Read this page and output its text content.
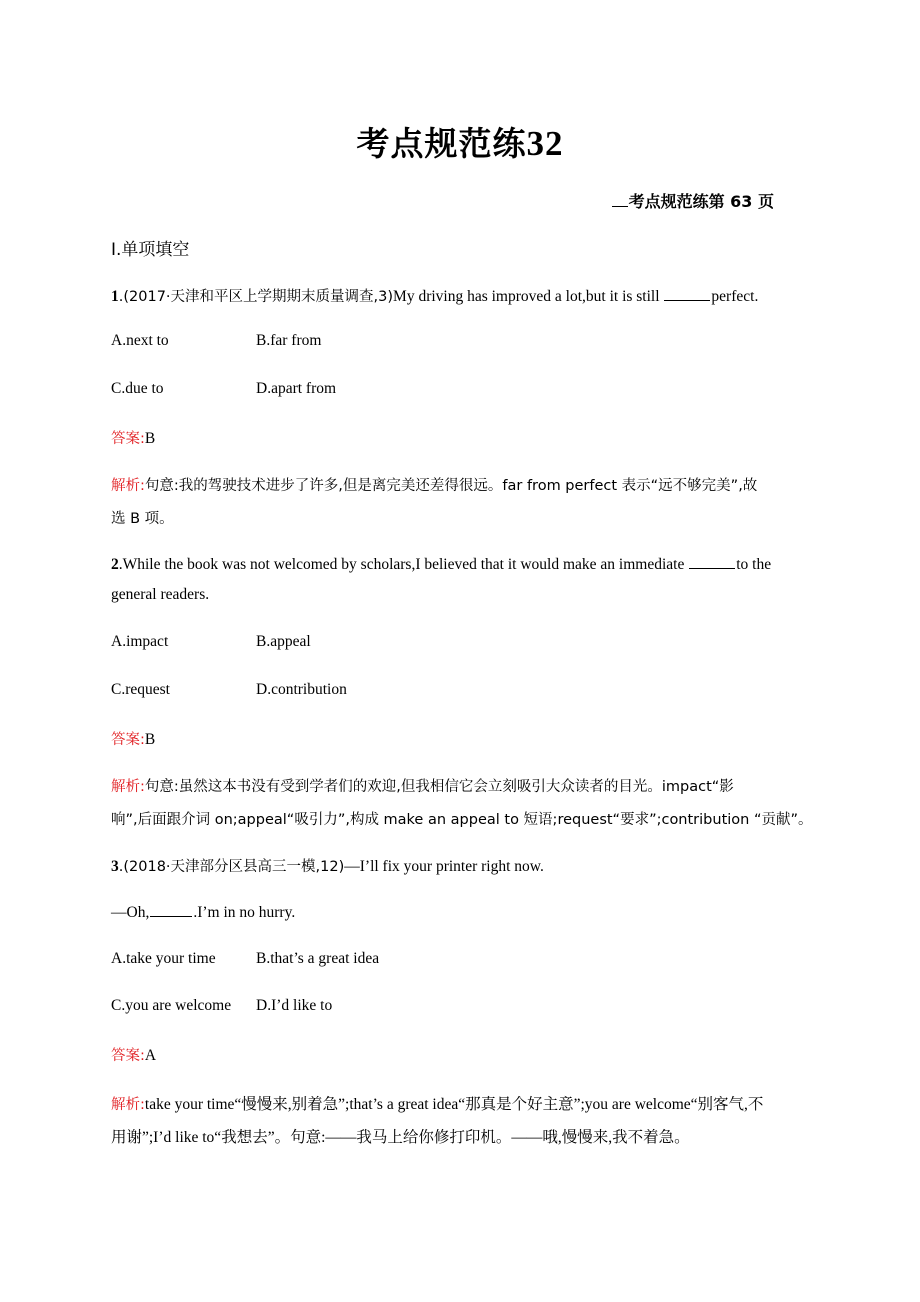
考点规范练32
考点规范练第 63 页
Ⅰ.单项填空
1.(2017·天津和平区上学期期末质量调查,3)My driving has improved a lot,but it is still	perfect.
A.next to	B.far from
C.due to	D.apart from
答案:B
解析:句意:我的驾驶技术进步了许多,但是离完美还差得很远。far from perfect 表示“远不够完美”,故
选 B 项。
2.While the book was not welcomed by scholars,I believed that it would make an immediate	to the
general readers.
A.impact	B.appeal
C.request	D.contribution
答案:B
解析:句意:虽然这本书没有受到学者们的欢迎,但我相信它会立刻吸引大众读者的目光。impact“影
响”,后面跟介词 on;appeal“吸引力”,构成 make an appeal to 短语;request“要求”;contribution “贡献”。
3.(2018·天津部分区县高三一模,12)—I’ll fix your printer right now.
—Oh,	.I’m in no hurry.
A.take your time	B.that’s a great idea
C.you are welcome D.I’d like to
答案:A
解析:take your time“慢慢来,别着急”;that’s a great idea“那真是个好主意”;you are welcome“别客气,不
用谢”;I’d like to“我想去”。句意:——我马上给你修打印机。——哦,慢慢来,我不着急。
